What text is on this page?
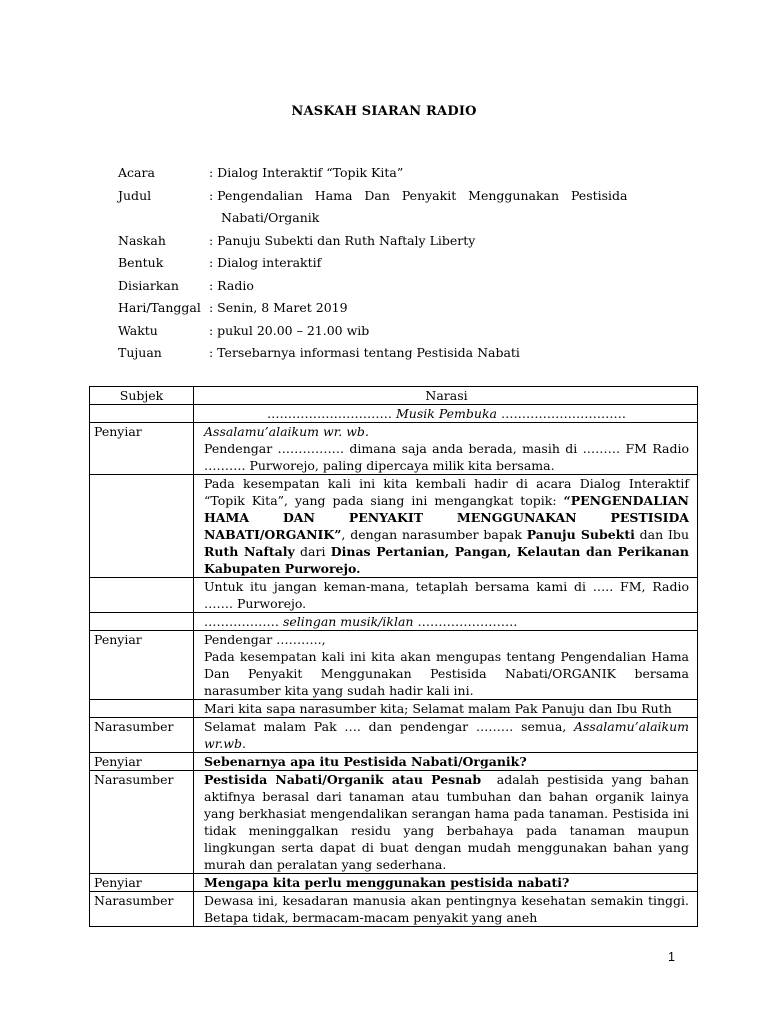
NASKAH SIARAN RADIO
Acara	: Dialog Interaktif “Topik Kita”
Judul	: Pengendalian   Hama   Dan   Penyakit   Menggunakan   Pestisida
Nabati/Organik
Naskah	: Panuju Subekti dan Ruth Naftaly Liberty
Bentuk	: Dialog interaktif
Disiarkan	: Radio
Hari/Tanggal : Senin, 8 Maret 2019
Waktu	: pukul 20.00 – 21.00 wib
Tujuan	: Tersebarnya informasi tentang Pestisida Nabati
Subjek	Narasi
	………………………… Musik Pembuka …………………………
Penyiar	Assalamu’alaikum wr. wb.
Pendengar ……………. dimana saja anda berada, masih di ……… FM Radio ………. Purworejo, paling dipercaya milik kita bersama.

	Pada kesempatan kali ini kita kembali hadir di acara Dialog Interaktif “Topik Kita”, yang pada siang ini mengangkat topik: “PENGENDALIAN HAMA DAN PENYAKIT MENGGUNAKAN PESTISIDA NABATI/ORGANIK”, dengan narasumber bapak Panuju Subekti dan Ibu Ruth Naftaly dari Dinas Pertanian, Pangan, Kelautan dan Perikanan Kabupaten Purworejo.
	Untuk itu jangan keman-mana, tetaplah bersama kami di ….. FM, Radio ……. Purworejo.
	……………… selingan musik/iklan ……………………
Penyiar	Pendengar ………..,
Pada kesempatan kali ini kita akan mengupas tentang Pengendalian Hama Dan Penyakit Menggunakan Pestisida Nabati/ORGANIK bersama narasumber kita yang sudah hadir kali ini.

	Mari kita sapa narasumber kita; Selamat malam Pak Panuju dan Ibu Ruth
Narasumber	Selamat malam Pak …. dan pendengar ……… semua, Assalamu’alaikum wr.wb.
Penyiar	Sebenarnya apa itu Pestisida Nabati/Organik?
Narasumber	Pestisida Nabati/Organik atau Pesnab  adalah pestisida yang bahan aktifnya berasal dari tanaman atau tumbuhan dan bahan organik lainya yang berkhasiat mengendalikan serangan hama pada tanaman. Pestisida ini tidak meninggalkan residu yang berbahaya pada tanaman maupun lingkungan serta dapat di buat dengan mudah menggunakan bahan yang murah dan peralatan yang sederhana.
Penyiar	Mengapa kita perlu menggunakan pestisida nabati?
Narasumber	Dewasa ini, kesadaran manusia akan pentingnya kesehatan semakin tinggi. Betapa tidak, bermacam-macam penyakit yang aneh
1
